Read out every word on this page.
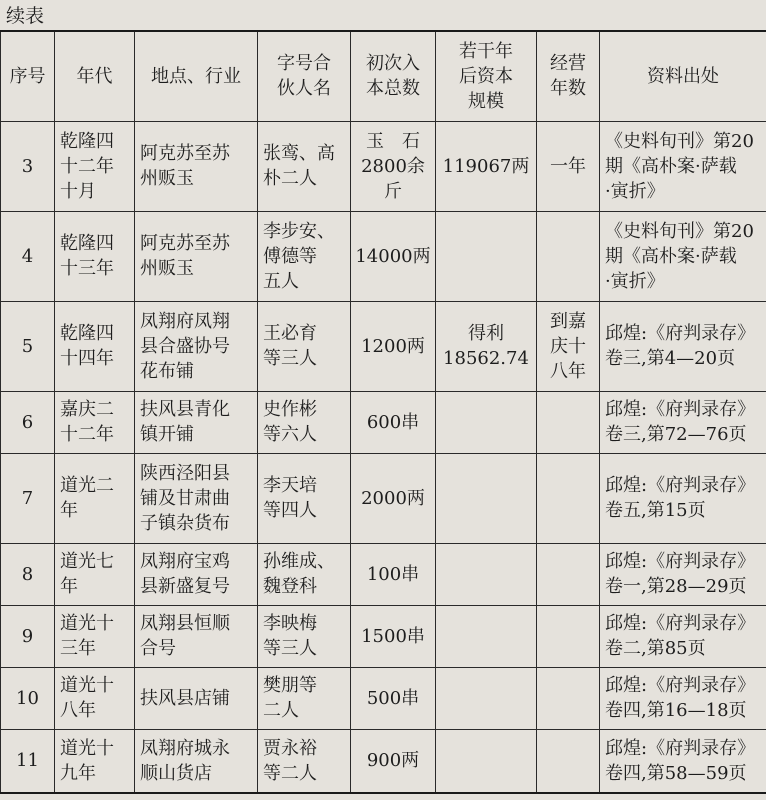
续表
序号	年代	地点、行业	字号合
伙人名	初次入
本总数	若干年
后资本
规模	经营
年数	资料出处
3	乾隆四
十二年
十月	阿克苏至苏
州贩玉	张鸾、高
朴二人	玉　石
2800余
斤	119067两	一年	《史料旬刊》第20
期《高朴案·萨载
·寅折》
4	乾隆四
十三年	阿克苏至苏
州贩玉	李步安、
傅德等
五人	14000两			《史料旬刊》第20
期《高朴案·萨载
·寅折》
5	乾隆四
十四年	凤翔府凤翔
县合盛协号
花布铺	王必育
等三人	1200两	得利
18562.74	到嘉
庆十
八年	邱煌:《府判录存》
卷三,第4—20页
6	嘉庆二
十二年	扶风县青化
镇开铺	史作彬
等六人	600串			邱煌:《府判录存》
卷三,第72—76页
7	道光二
年	陕西泾阳县
铺及甘肃曲
子镇杂货布	李天培
等四人	2000两			邱煌:《府判录存》
卷五,第15页
8	道光七
年	凤翔府宝鸡
县新盛复号	孙维成、
魏登科	100串			邱煌:《府判录存》
卷一,第28—29页
9	道光十
三年	凤翔县恒顺
合号	李映梅
等三人	1500串			邱煌:《府判录存》
卷二,第85页
10	道光十
八年	扶风县店铺	樊朋等
二人	500串			邱煌:《府判录存》
卷四,第16—18页
11	道光十
九年	凤翔府城永
顺山货店	贾永裕
等二人	900两			邱煌:《府判录存》
卷四,第58—59页
